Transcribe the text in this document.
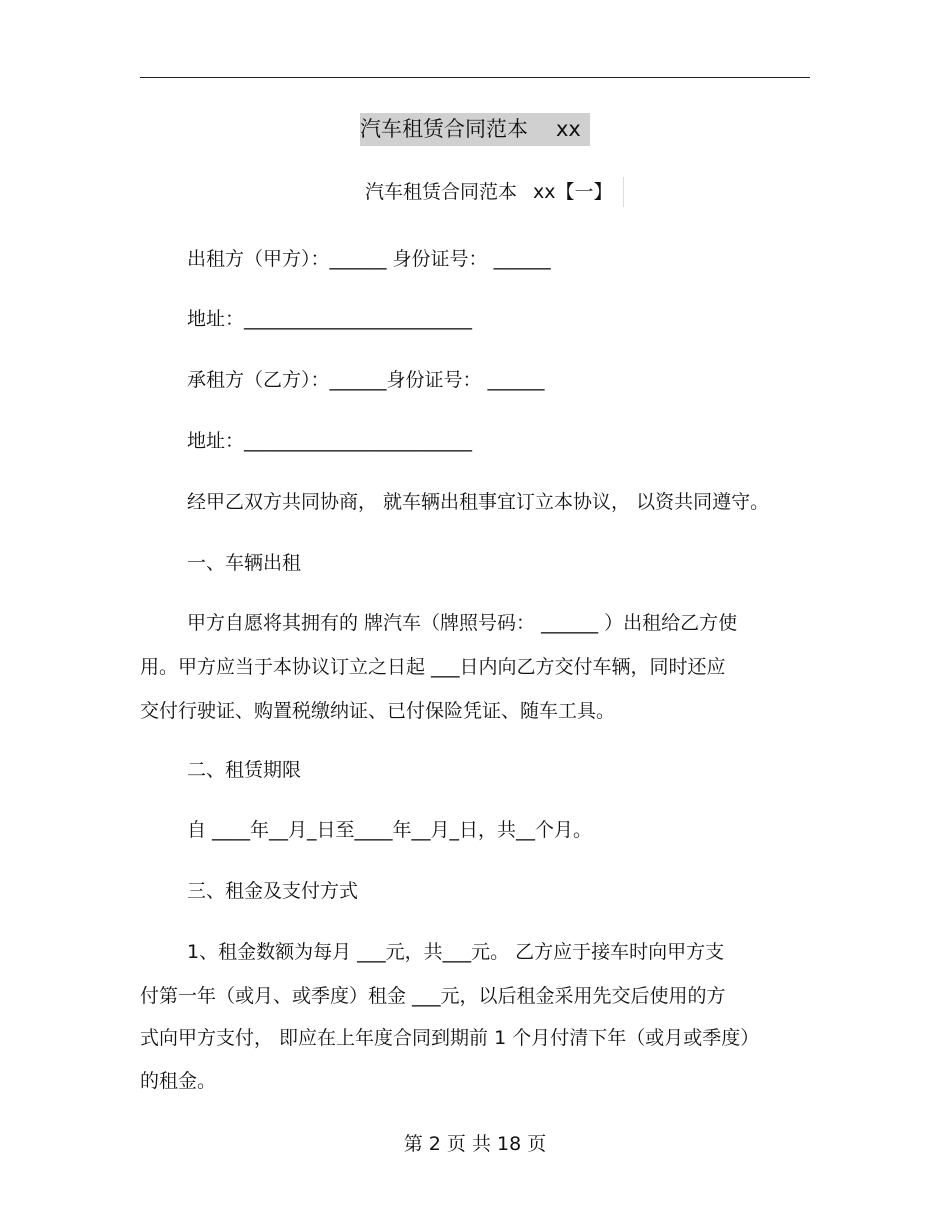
汽车租赁合同范本 xx
汽车租赁合同范本 xx【一】
出租方（甲方）：______ 身份证号： ______
地址：________________________
承租方（乙方）：______身份证号： ______
地址：________________________
经甲乙双方共同协商， 就车辆出租事宜订立本协议， 以资共同遵守。
一、车辆出租
甲方自愿将其拥有的 牌汽车（牌照号码： ______ ）出租给乙方使
用。甲方应当于本协议订立之日起 ___日内向乙方交付车辆，同时还应
交付行驶证、购置税缴纳证、已付保险凭证、随车工具。
二、租赁期限
自 ____年__月_日至____年__月_日，共__个月。
三、租金及支付方式
1、租金数额为每月 ___元，共___元。 乙方应于接车时向甲方支
付第一年（或月、或季度）租金 ___元，以后租金采用先交后使用的方
式向甲方支付， 即应在上年度合同到期前 1 个月付清下年（或月或季度）
的租金。
第 2 页 共 18 页
